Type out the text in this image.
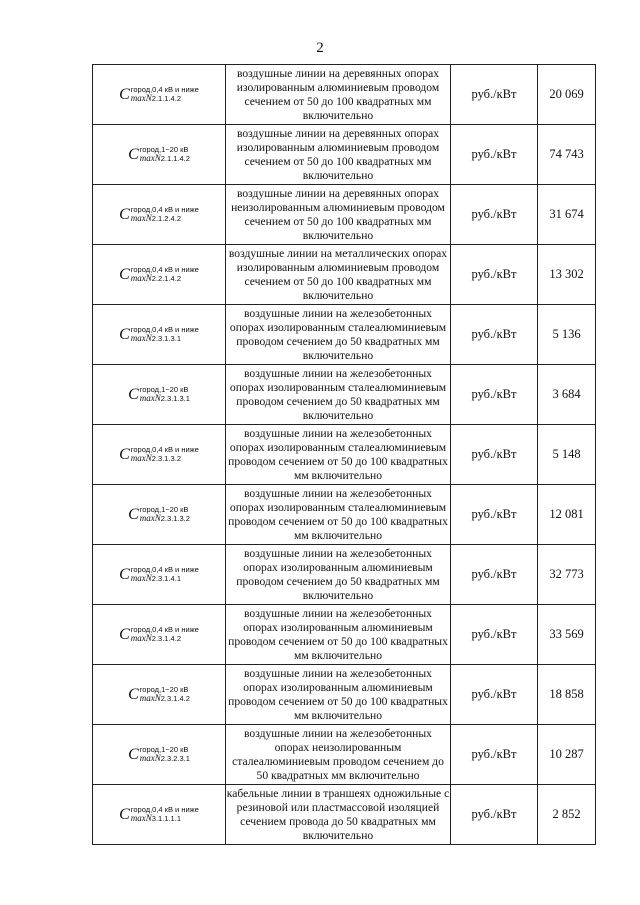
2
C город,0,4 кВ и ниже
maxN2.1.1.4.2	воздушные линии на деревянных опорах изолированным алюминиевым проводом сечением от 50 до 100 квадратных мм включительно	руб./кВт	20 069

C город,1−20 кВ
maxN2.1.1.4.2	воздушные линии на деревянных опорах изолированным алюминиевым проводом сечением от 50 до 100 квадратных мм включительно	руб./кВт	74 743

C город,0,4 кВ и ниже
maxN2.1.2.4.2	воздушные линии на деревянных опорах неизолированным алюминиевым проводом сечением от 50 до 100 квадратных мм включительно	руб./кВт	31 674

C город,0,4 кВ и ниже
maxN2.2.1.4.2	воздушные линии на металлических опорах изолированным алюминиевым проводом сечением от 50 до 100 квадратных мм включительно	руб./кВт	13 302

C город,0,4 кВ и ниже
maxN2.3.1.3.1	воздушные линии на железобетонных опорах изолированным сталеалюминиевым проводом сечением до 50 квадратных мм включительно	руб./кВт	5 136

C город,1−20 кВ
maxN2.3.1.3.1	воздушные линии на железобетонных опорах изолированным сталеалюминиевым проводом сечением до 50 квадратных мм включительно	руб./кВт	3 684

C город,0,4 кВ и ниже
maxN2.3.1.3.2	воздушные линии на железобетонных опорах изолированным сталеалюминиевым проводом сечением от 50 до 100 квадратных мм включительно	руб./кВт	5 148

C город,1−20 кВ
maxN2.3.1.3.2	воздушные линии на железобетонных опорах изолированным сталеалюминиевым проводом сечением от 50 до 100 квадратных мм включительно	руб./кВт	12 081

C город,0,4 кВ и ниже
maxN2.3.1.4.1	воздушные линии на железобетонных опорах изолированным алюминиевым проводом сечением до 50 квадратных мм включительно	руб./кВт	32 773

C город,0,4 кВ и ниже
maxN2.3.1.4.2	воздушные линии на железобетонных опорах изолированным алюминиевым проводом сечением от 50 до 100 квадратных мм включительно	руб./кВт	33 569

C город,1−20 кВ
maxN2.3.1.4.2	воздушные линии на железобетонных опорах изолированным алюминиевым проводом сечением от 50 до 100 квадратных мм включительно	руб./кВт	18 858

C город,1−20 кВ
maxN2.3.2.3.1	воздушные линии на железобетонных опорах неизолированным сталеалюминиевым проводом сечением до 50 квадратных мм включительно	руб./кВт	10 287

C город,0,4 кВ и ниже
maxN3.1.1.1.1	кабельные линии в траншеях одножильные с резиновой или пластмассовой изоляцией сечением провода до 50 квадратных мм включительно	руб./кВт	2 852
